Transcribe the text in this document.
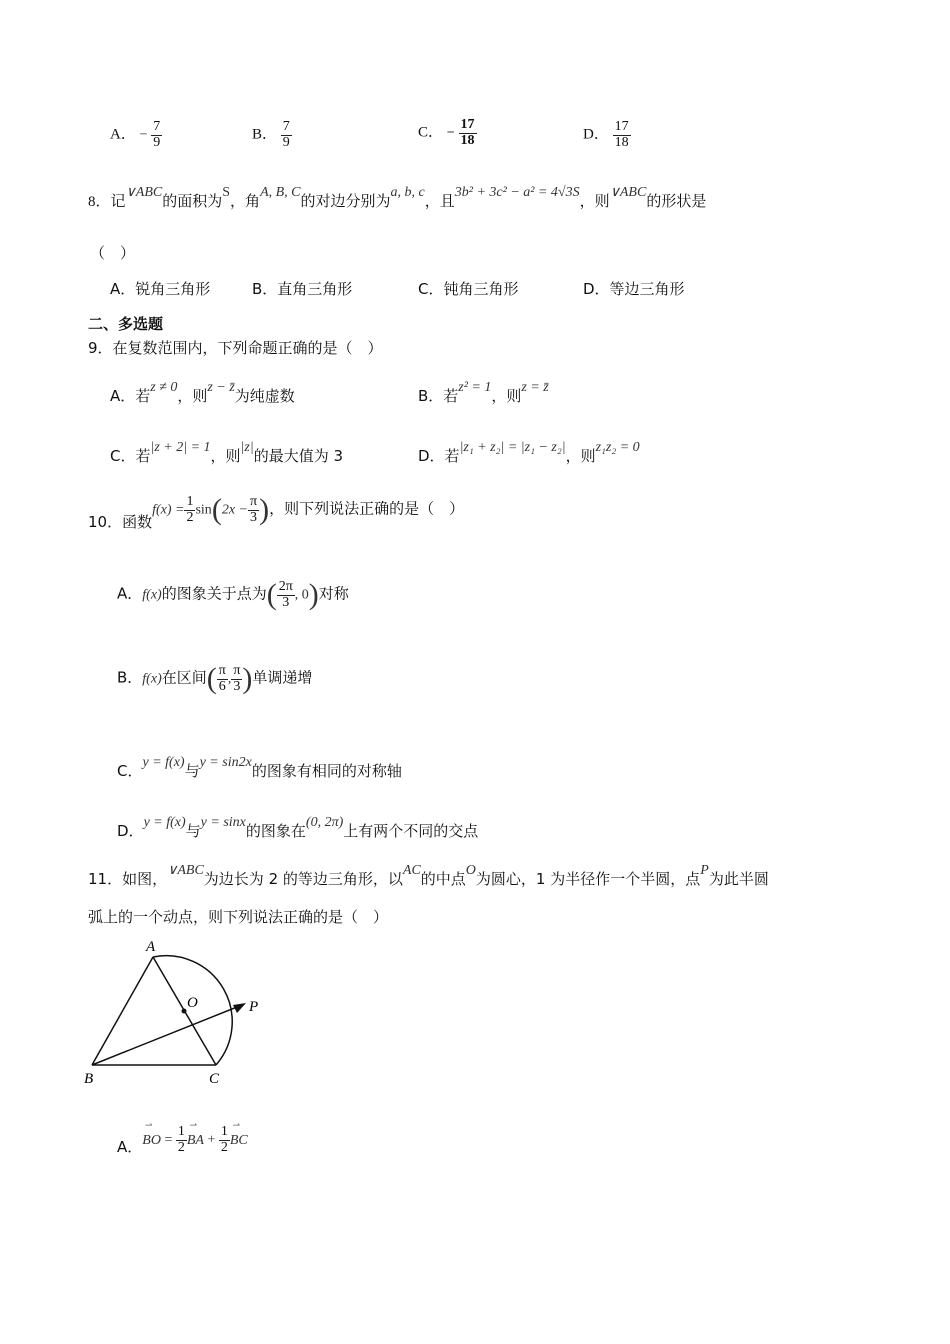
A． − $\frac{7}{9}$	B． $\frac{7}{9}$	C． − $\frac{17}{18}$	D． $\frac{17}{18}$
8．记∨ABC的面积为S，角A, B, C的对边分别为a, b, c，且3b² + 3c² − a² = 4√3S，则∨ABC的形状是
（　）
A．锐角三角形	B．直角三角形	C．钝角三角形	D．等边三角形
二、多选题
9．在复数范围内，下列命题正确的是（　）
A．若z ≠ 0，则z − z̄为纯虚数	B．若z² = 1，则z = z̄
C．若|z + 2| = 1，则|z|的最大值为 3	D．若|z₁ + z₂| = |z₁ − z₂|，则z₁z₂ = 0
10．函数$f(x) = \frac{1}{2} \sin(2x - \frac{\pi}{3}$ )，则下列说法正确的是（　）
A．f(x)的图象关于点为( $\frac{2\pi}{3}$ , 0)对称
B．f(x)在区间( $\frac{\pi}{6}$ , $\frac{\pi}{3}$ )单调递增
C．y = f(x)与y = sin2x的图象有相同的对称轴
D．y = f(x)与y = sinx的图象在(0, 2π)上有两个不同的交点
11．如图，∨ABC为边长为 2 的等边三角形，以AC的中点O为圆心，1 为半径作一个半圆，点P为此半圆
弧上的一个动点，则下列说法正确的是（　）
A
B	C
O	P
A．⇀ BO = $\frac{1}{2}$ ⇀ BA + $\frac{1}{2}$ ⇀ BC
